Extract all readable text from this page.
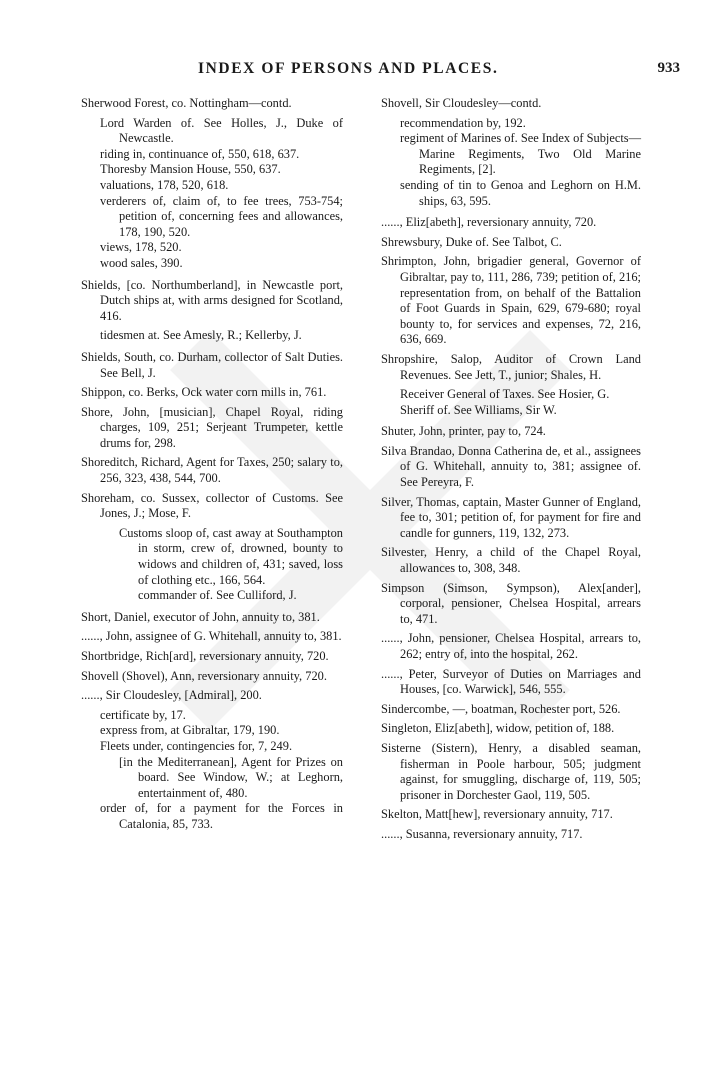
INDEX OF PERSONS AND PLACES.	933

Sherwood Forest, co. Nottingham—contd.

Lord Warden of. See Holles, J., Duke of Newcastle.

riding in, continuance of, 550, 618, 637.

Thoresby Mansion House, 550, 637.

valuations, 178, 520, 618.

verderers of, claim of, to fee trees, 753-754; petition of, concerning fees and allowances, 178, 190, 520.

views, 178, 520.

wood sales, 390.

Shields, [co. Northumberland], in Newcastle port, Dutch ships at, with arms designed for Scotland, 416.

tidesmen at. See Amesly, R.; Kellerby, J.

Shields, South, co. Durham, collector of Salt Duties. See Bell, J.

Shippon, co. Berks, Ock water corn mills in, 761.

Shore, John, [musician], Chapel Royal, riding charges, 109, 251; Serjeant Trumpeter, kettle drums for, 298.

Shoreditch, Richard, Agent for Taxes, 250; salary to, 256, 323, 438, 544, 700.

Shoreham, co. Sussex, collector of Customs. See Jones, J.; Mose, F.

Customs sloop of, cast away at Southampton in storm, crew of, drowned, bounty to widows and children of, 431; saved, loss of clothing etc., 166, 564.

commander of. See Culliford, J.

Short, Daniel, executor of John, annuity to, 381.

......, John, assignee of G. Whitehall, annuity to, 381.

Shortbridge, Rich[ard], reversionary annuity, 720.

Shovell (Shovel), Ann, reversionary annuity, 720.

......, Sir Cloudesley, [Admiral], 200.

certificate by, 17.

express from, at Gibraltar, 179, 190.

Fleets under, contingencies for, 7, 249.

[in the Mediterranean], Agent for Prizes on board. See Window, W.; at Leghorn, entertainment of, 480.

order of, for a payment for the Forces in Catalonia, 85, 733.

Shovell, Sir Cloudesley—contd.

recommendation by, 192.

regiment of Marines of. See Index of Subjects—Marine Regiments, Two Old Marine Regiments, [2].

sending of tin to Genoa and Leghorn on H.M. ships, 63, 595.

......, Eliz[abeth], reversionary annuity, 720.

Shrewsbury, Duke of. See Talbot, C.

Shrimpton, John, brigadier general, Governor of Gibraltar, pay to, 111, 286, 739; petition of, 216; representation from, on behalf of the Battalion of Foot Guards in Spain, 629, 679-680; royal bounty to, for services and expenses, 72, 216, 636, 669.

Shropshire, Salop, Auditor of Crown Land Revenues. See Jett, T., junior; Shales, H.

Receiver General of Taxes. See Hosier, G.

Sheriff of. See Williams, Sir W.

Shuter, John, printer, pay to, 724.

Silva Brandao, Donna Catherina de, et al., assignees of G. Whitehall, annuity to, 381; assignee of. See Pereyra, F.

Silver, Thomas, captain, Master Gunner of England, fee to, 301; petition of, for payment for fire and candle for gunners, 119, 132, 273.

Silvester, Henry, a child of the Chapel Royal, allowances to, 308, 348.

Simpson (Simson, Sympson), Alex[ander], corporal, pensioner, Chelsea Hospital, arrears to, 471.

......, John, pensioner, Chelsea Hospital, arrears to, 262; entry of, into the hospital, 262.

......, Peter, Surveyor of Duties on Marriages and Houses, [co. Warwick], 546, 555.

Sindercombe, —, boatman, Rochester port, 526.

Singleton, Eliz[abeth], widow, petition of, 188.

Sisterne (Sistern), Henry, a disabled seaman, fisherman in Poole harbour, 505; judgment against, for smuggling, discharge of, 119, 505; prisoner in Dorchester Gaol, 119, 505.

Skelton, Matt[hew], reversionary annuity, 717.

......, Susanna, reversionary annuity, 717.
